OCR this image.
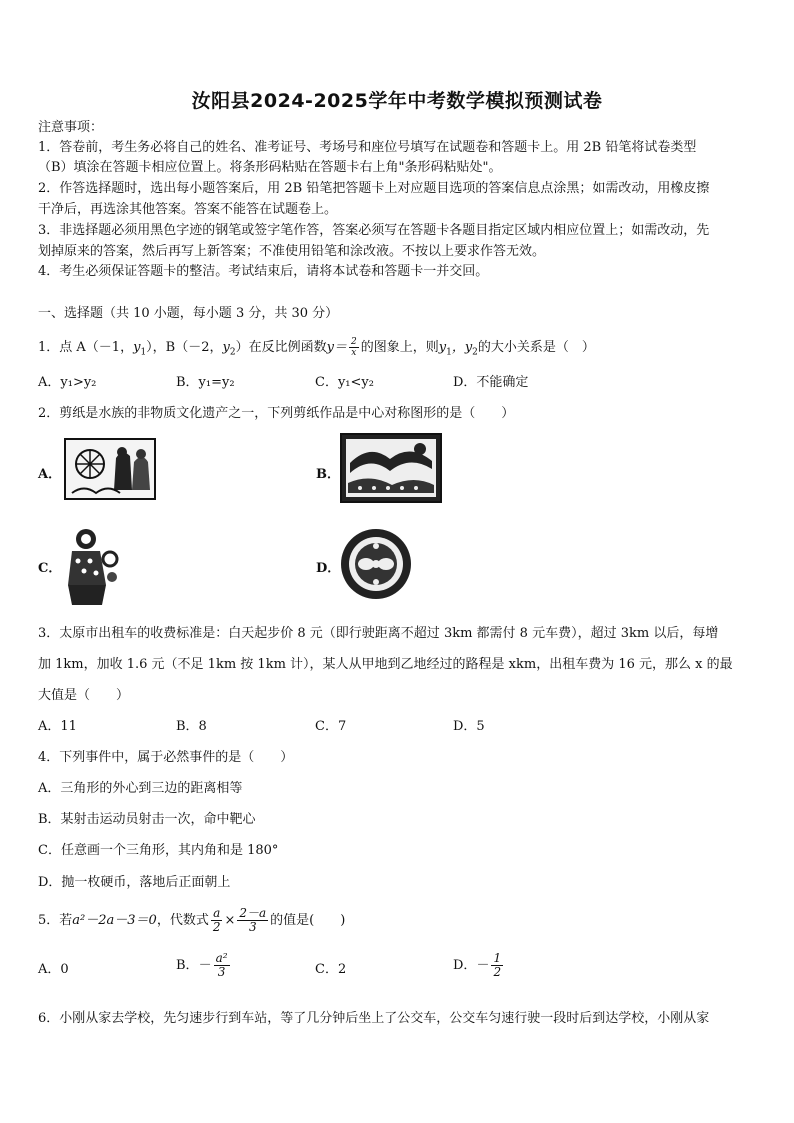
汝阳县2024-2025学年中考数学模拟预测试卷
注意事项：
1．答卷前，考生务必将自己的姓名、准考证号、考场号和座位号填写在试题卷和答题卡上。用 2B 铅笔将试卷类型
（B）填涂在答题卡相应位置上。将条形码粘贴在答题卡右上角"条形码粘贴处"。
2．作答选择题时，选出每小题答案后，用 2B 铅笔把答题卡上对应题目选项的答案信息点涂黑；如需改动，用橡皮擦
干净后，再选涂其他答案。答案不能答在试题卷上。
3．非选择题必须用黑色字迹的钢笔或签字笔作答，答案必须写在答题卡各题目指定区域内相应位置上；如需改动，先
划掉原来的答案，然后再写上新答案；不准使用铅笔和涂改液。不按以上要求作答无效。
4．考生必须保证答题卡的整洁。考试结束后，请将本试卷和答题卡一并交回。
一、选择题（共 10 小题，每小题 3 分，共 30 分）
1．点 A（－1，$y_1$），B（－2，$y_2$）在反比例函数$y= \frac{2}{x}$ 的图象上，则$y_1$，$y_2$的大小关系是（　）
A．y₁>y₂	B．y₁=y₂	C．y₁<y₂	D．不能确定
2．剪纸是水族的非物质文化遗产之一，下列剪纸作品是中心对称图形的是（　　）
A．	B．
C．	D．
3．太原市出租车的收费标准是：白天起步价 8 元（即行驶距离不超过 3km 都需付 8 元车费），超过 3km 以后，每增
加 1km，加收 1.6 元（不足 1km 按 1km 计），某人从甲地到乙地经过的路程是 xkm，出租车费为 16 元，那么 x 的最
大值是（　　）
A．11	B．8	C．7	D．5
4．下列事件中，属于必然事件的是（　　）
A．三角形的外心到三边的距离相等
B．某射击运动员射击一次，命中靶心
C．任意画一个三角形，其内角和是 180°
D．抛一枚硬币，落地后正面朝上
5．若a²－2a－3＝0，代数式 $\frac{a}{2} \times \frac{2-a}{3}$ 的值是(　　)
A．0	B．－ $\frac{\text{a²}}{3}$	C．2	D．－ $\frac{1}{2}$
6．小刚从家去学校，先匀速步行到车站，等了几分钟后坐上了公交车，公交车匀速行驶一段时后到达学校，小刚从家
